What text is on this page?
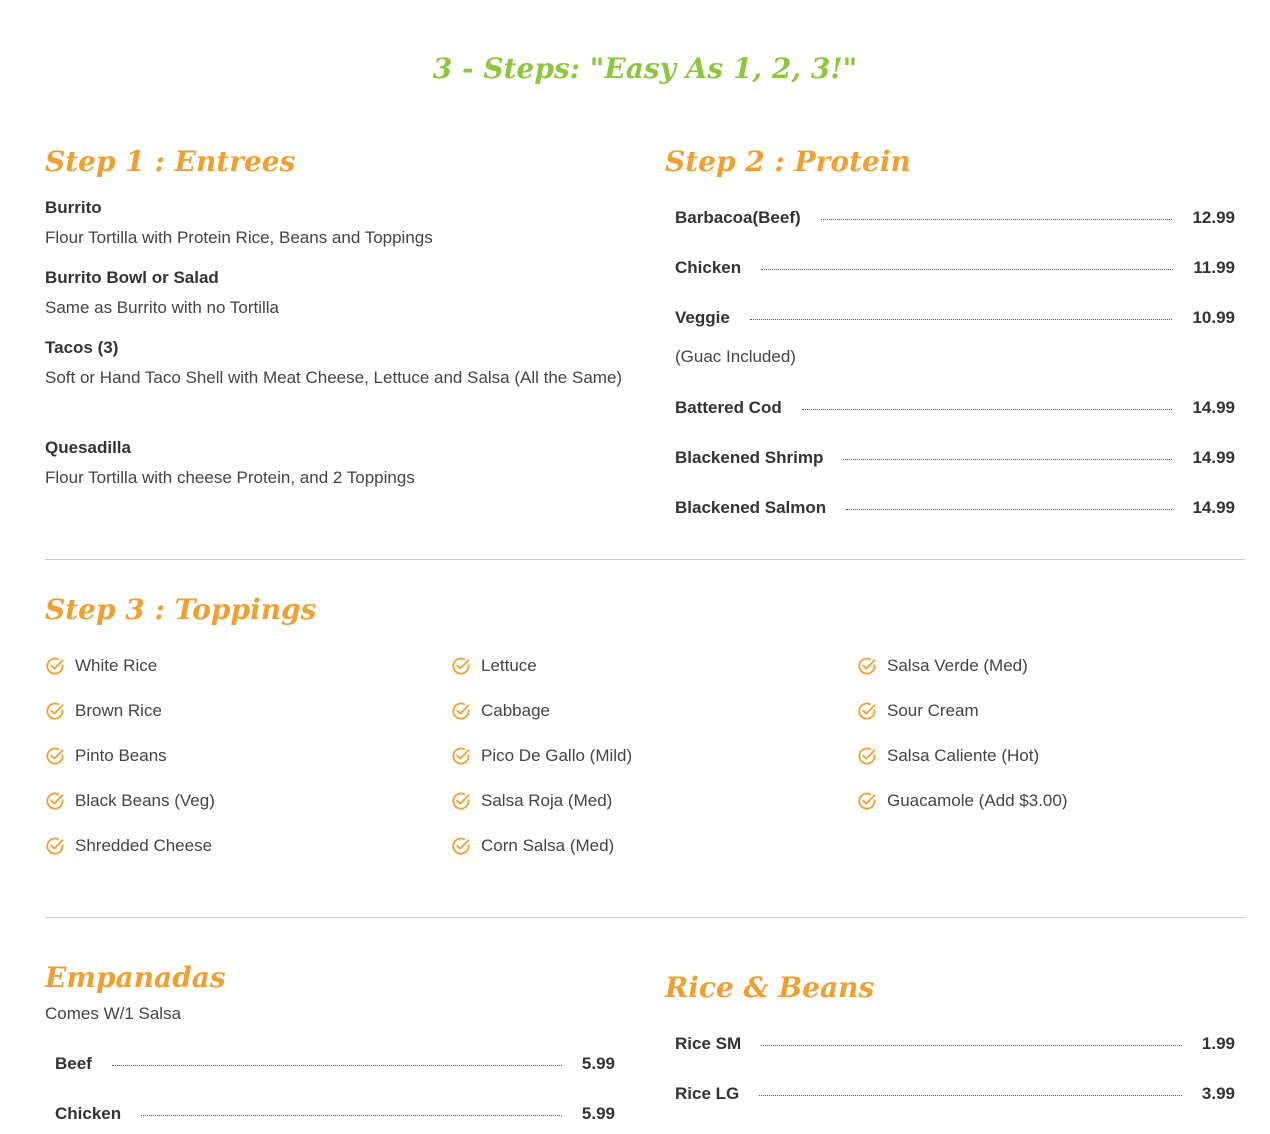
3 - Steps: "Easy As 1, 2, 3!"
Step 1 : Entrees
Burrito
Flour Tortilla with Protein Rice, Beans and Toppings
Burrito Bowl or Salad
Same as Burrito with no Tortilla
Tacos (3)
Soft or Hand Taco Shell with Meat Cheese, Lettuce and Salsa (All the Same)
Quesadilla
Flour Tortilla with cheese Protein, and 2 Toppings
Step 2 : Protein
Barbacoa(Beef)	12.99
Chicken	11.99
Veggie	10.99
(Guac Included)
Battered Cod	14.99
Blackened Shrimp	14.99
Blackened Salmon	14.99
Step 3 : Toppings
White Rice
Brown Rice
Pinto Beans
Black Beans (Veg)
Shredded Cheese
Lettuce
Cabbage
Pico De Gallo (Mild)
Salsa Roja (Med)
Corn Salsa (Med)
Salsa Verde (Med)
Sour Cream
Salsa Caliente (Hot)
Guacamole (Add $3.00)
Empanadas
Comes W/1 Salsa
Beef	5.99
Chicken	5.99
Rice & Beans
Rice SM	1.99
Rice LG	3.99
